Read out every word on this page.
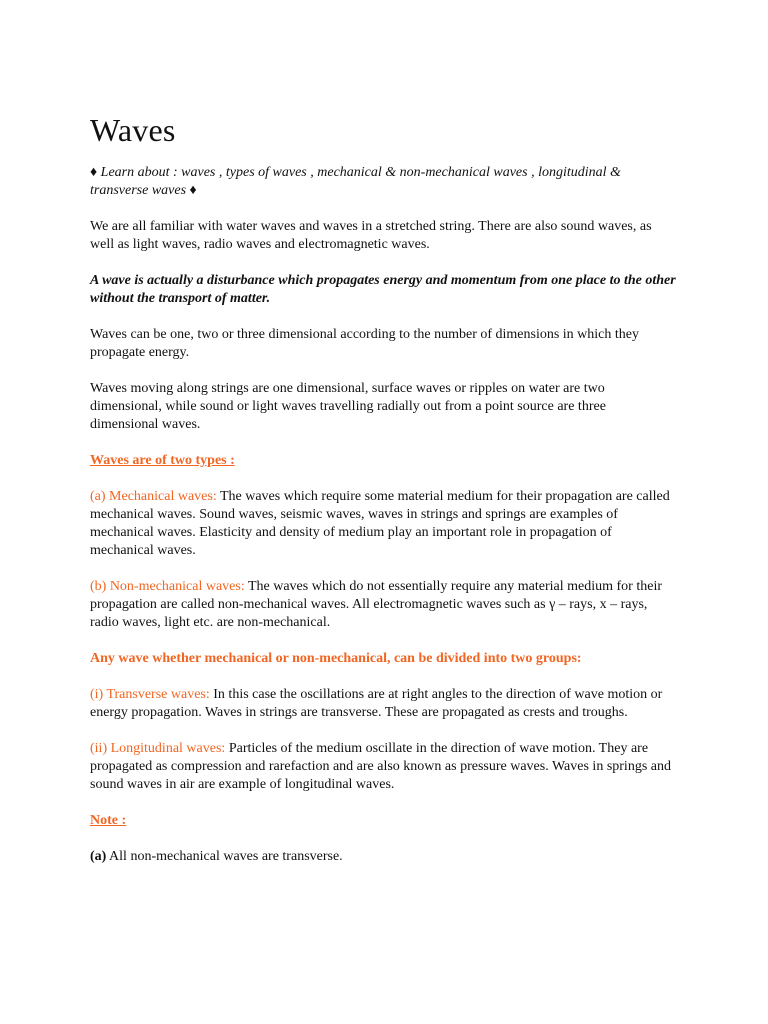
Waves

♦ Learn about : waves , types of waves , mechanical & non-mechanical waves , longitudinal & transverse waves ♦

We are all familiar with water waves and waves in a stretched string. There are also sound waves, as well as light waves, radio waves and electromagnetic waves.

A wave is actually a disturbance which propagates energy and momentum from one place to the other without the transport of matter.

Waves can be one, two or three dimensional according to the number of dimensions in which they propagate energy.

Waves moving along strings are one dimensional, surface waves or ripples on water are two dimensional, while sound or light waves travelling radially out from a point source are three dimensional waves.

Waves are of two types :

(a) Mechanical waves: The waves which require some material medium for their propagation are called mechanical waves. Sound waves, seismic waves, waves in strings and springs are examples of mechanical waves. Elasticity and density of medium play an important role in propagation of mechanical waves.

(b) Non-mechanical waves: The waves which do not essentially require any material medium for their propagation are called non-mechanical waves. All electromagnetic waves such as γ – rays, x – rays, radio waves, light etc. are non-mechanical.

Any wave whether mechanical or non-mechanical, can be divided into two groups:

(i) Transverse waves: In this case the oscillations are at right angles to the direction of wave motion or energy propagation. Waves in strings are transverse. These are propagated as crests and troughs.

(ii) Longitudinal waves: Particles of the medium oscillate in the direction of wave motion. They are propagated as compression and rarefaction and are also known as pressure waves. Waves in springs and sound waves in air are example of longitudinal waves.

Note :

(a) All non-mechanical waves are transverse.
